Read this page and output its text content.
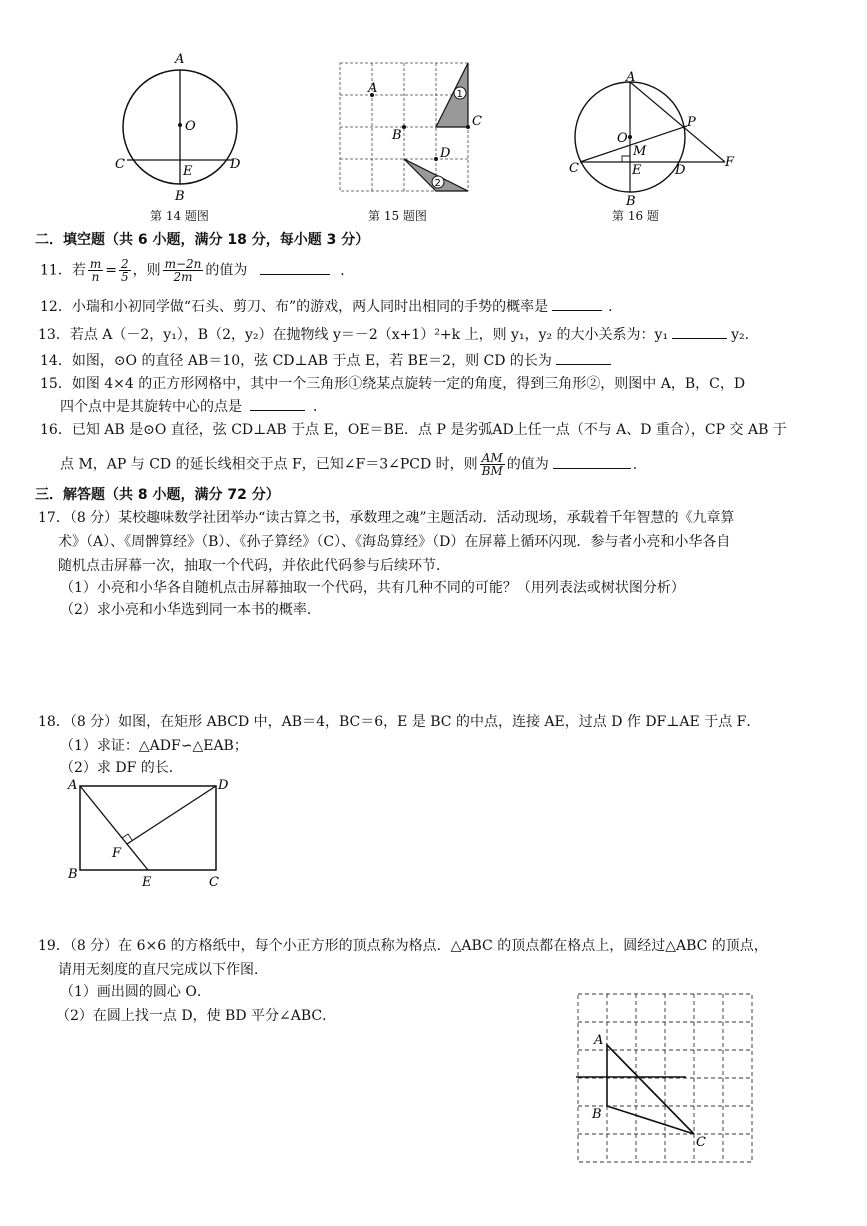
A
O
C	E	D
B
第 14 题图
1
2
A
B
C
D
第 15 题图
A
O
P
M
C	E	D
F
B
第 16 题
二．填空题（共 6 小题，满分 18 分，每小题 3 分）
11．若 $\frac{m}{n} = \frac{2}{5}$ ，则 $\frac{m-2n}{2m}$ 的值为	．
12．小瑞和小初同学做“石头、剪刀、布”的游戏，两人同时出相同的手势的概率是	．
13．若点 A（－2，y₁），B（2，y₂）在抛物线 y＝－2（x+1）²+k 上，则 y₁，y₂ 的大小关系为：y₁	y₂.
14．如图，⊙O 的直径 AB＝10，弦 CD⊥AB 于点 E，若 BE＝2，则 CD 的长为
15．如图 4×4 的正方形网格中，其中一个三角形①绕某点旋转一定的角度，得到三角形②，则图中 A，B，C，D
四个点中是其旋转中心的点是	．
16．已知 AB 是⊙O 直径，弦 CD⊥AB 于点 E，OE＝BE．点 P 是劣弧AD上任一点（不与 A、D 重合），CP 交 AB 于
点 M，AP 与 CD 的延长线相交于点 F，已知∠F＝3∠PCD 时，则 $\frac{AM}{BM}$ 的值为	.
三．解答题（共 8 小题，满分 72 分）
17．（8 分）某校趣味数学社团举办“读古算之书，承数理之魂”主题活动．活动现场，承载着千年智慧的《九章算
术》（A）、《周髀算经》（B）、《孙子算经》（C）、《海岛算经》（D）在屏幕上循环闪现．参与者小亮和小华各自
随机点击屏幕一次，抽取一个代码，并依此代码参与后续环节．
（1）小亮和小华各自随机点击屏幕抽取一个代码，共有几种不同的可能？（用列表法或树状图分析）
（2）求小亮和小华选到同一本书的概率．
18．（8 分）如图，在矩形 ABCD 中，AB＝4，BC＝6，E 是 BC 的中点，连接 AE，过点 D 作 DF⊥AE 于点 F．
（1）求证：△ADF∽△EAB；
（2）求 DF 的长．
A	D
F
B
E	C
19．（8 分）在 6×6 的方格纸中，每个小正方形的顶点称为格点．△ABC 的顶点都在格点上，圆经过△ABC 的顶点，
请用无刻度的直尺完成以下作图．
（1）画出圆的圆心 O．
（2）在圆上找一点 D，使 BD 平分∠ABC．
A
B
C
